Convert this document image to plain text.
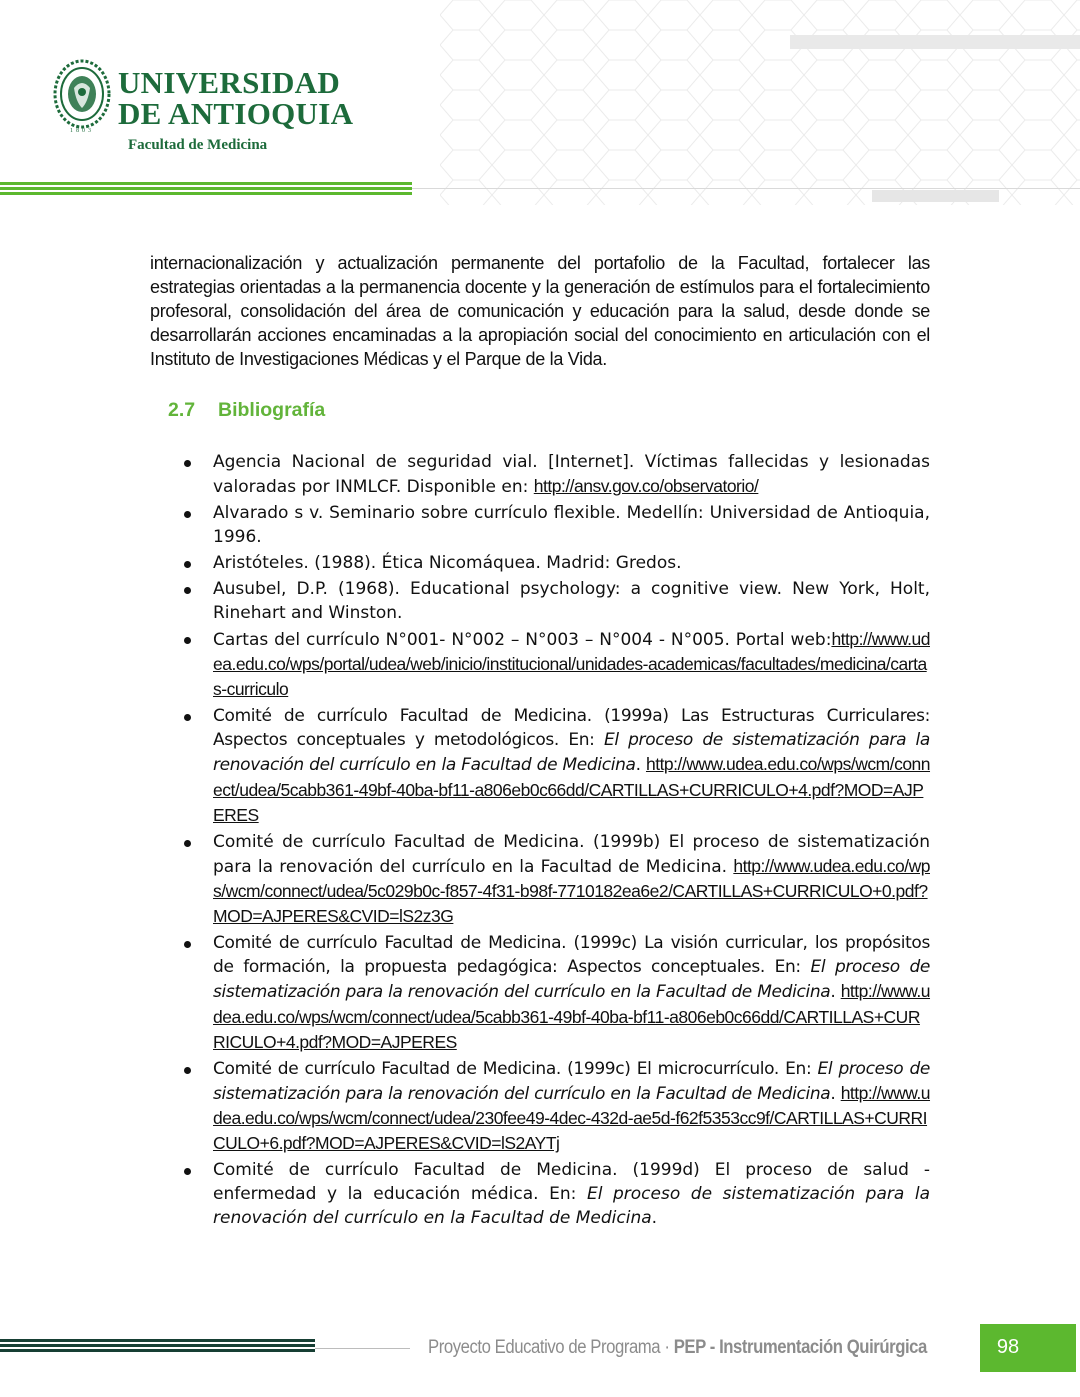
1803
UNIVERSIDAD
DE ANTIOQUIA
Facultad de Medicina

internacionalización y actualización permanente del portafolio de la Facultad, fortalecer las estrategias orientadas a la permanencia docente y la generación de estímulos para el fortalecimiento profesoral, consolidación del área de comunicación y educación para la salud, desde donde se desarrollarán acciones encaminadas a la apropiación social del conocimiento en articulación con el Instituto de Investigaciones Médicas y el Parque de la Vida.

2.7 Bibliografía
Agencia Nacional de seguridad vial. [Internet]. Víctimas fallecidas y lesionadas valoradas por INMLCF. Disponible en: http://ansv.gov.co/observatorio/
Alvarado s v. Seminario sobre currículo flexible. Medellín: Universidad de Antioquia, 1996.
Aristóteles. (1988). Ética Nicomáquea. Madrid: Gredos.
Ausubel, D.P. (1968). Educational psychology: a cognitive view. New York, Holt, Rinehart and Winston.
Cartas del currículo N°001- N°002 – N°003 – N°004 - N°005. Portal web:http://www.udea.edu.co/wps/portal/udea/web/inicio/institucional/unidades-academicas/facultades/medicina/cartas-curriculo
Comité de currículo Facultad de Medicina. (1999a) Las Estructuras Curriculares: Aspectos conceptuales y metodológicos. En: El proceso de sistematización para la renovación del currículo en la Facultad de Medicina. http://www.udea.edu.co/wps/wcm/connect/udea/5cabb361-49bf-40ba-bf11-a806eb0c66dd/CARTILLAS+CURRICULO+4.pdf?MOD=AJPERES
Comité de currículo Facultad de Medicina. (1999b) El proceso de sistematización para la renovación del currículo en la Facultad de Medicina. http://www.udea.edu.co/wps/wcm/connect/udea/5c029b0c-f857-4f31-b98f-7710182ea6e2/CARTILLAS+CURRICULO+0.pdf?MOD=AJPERES&CVID=lS2z3G
Comité de currículo Facultad de Medicina. (1999c) La visión curricular, los propósitos de formación, la propuesta pedagógica: Aspectos conceptuales. En: El proceso de sistematización para la renovación del currículo en la Facultad de Medicina. http://www.udea.edu.co/wps/wcm/connect/udea/5cabb361-49bf-40ba-bf11-a806eb0c66dd/CARTILLAS+CURRICULO+4.pdf?MOD=AJPERES
Comité de currículo Facultad de Medicina. (1999c) El microcurrículo. En: El proceso de sistematización para la renovación del currículo en la Facultad de Medicina. http://www.udea.edu.co/wps/wcm/connect/udea/230fee49-4dec-432d-ae5d-f62f5353cc9f/CARTILLAS+CURRICULO+6.pdf?MOD=AJPERES&CVID=lS2AYTj
Comité de currículo Facultad de Medicina. (1999d) El proceso de salud - enfermedad y la educación médica. En: El proceso de sistematización para la renovación del currículo en la Facultad de Medicina.
Proyecto Educativo de Programa · PEP - Instrumentación Quirúrgica	98
